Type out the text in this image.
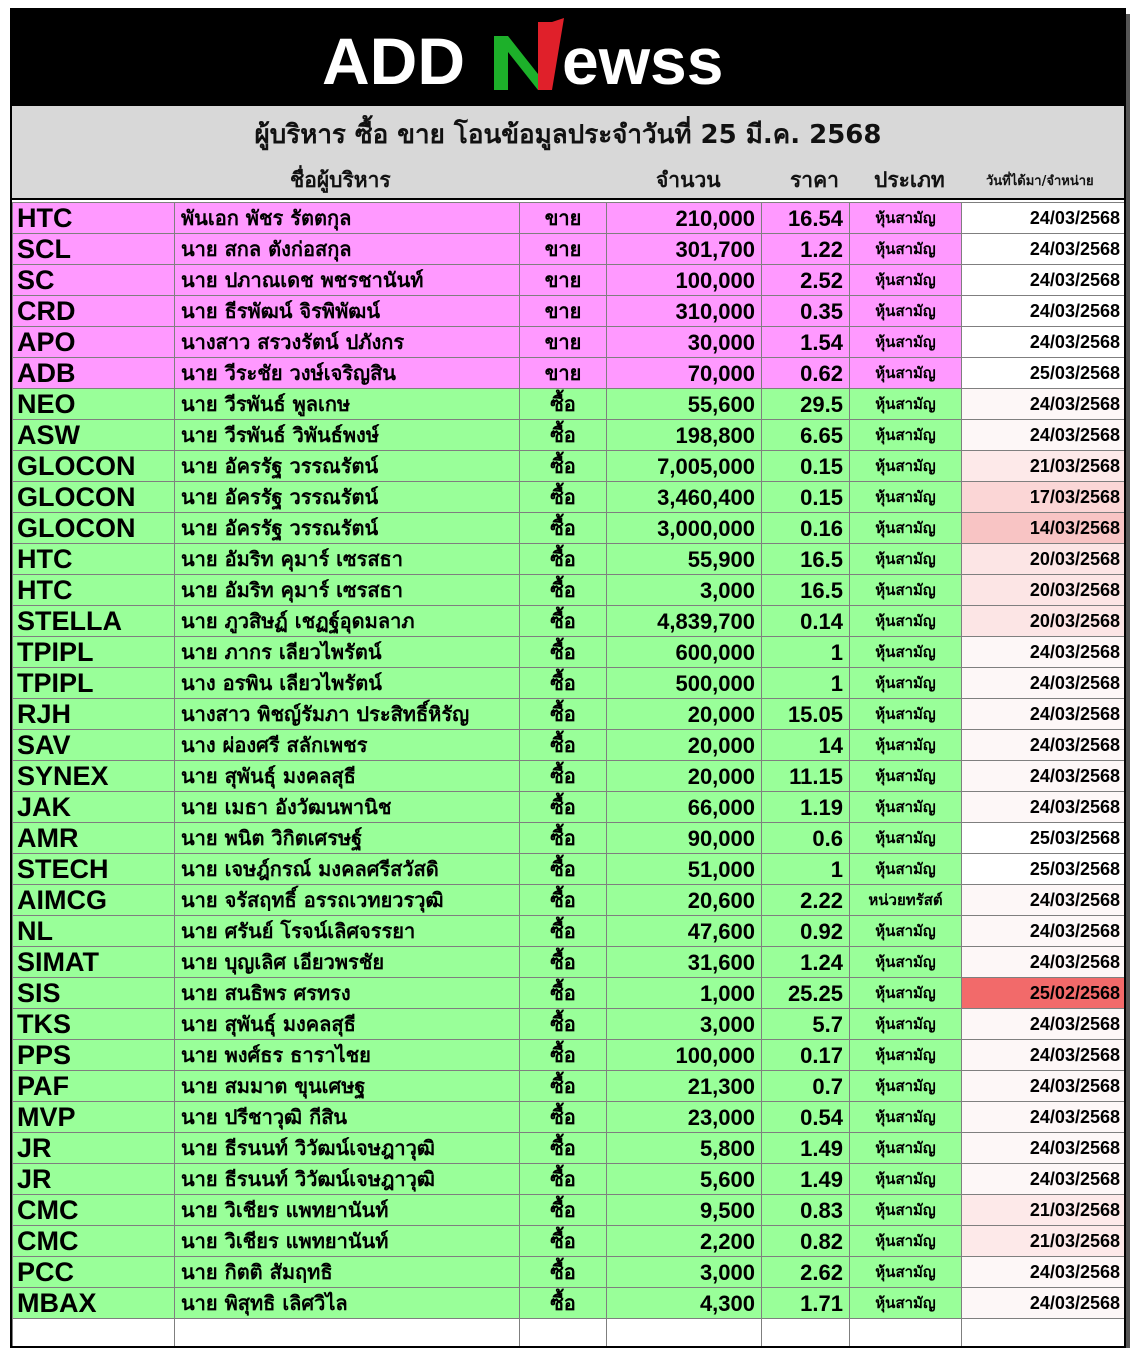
ADD ewss
ผู้บริหาร ซื้อ ขาย โอนข้อมูลประจำวันที่ 25 มี.ค. 2568
ชื่อผู้บริหาร	จำนวน	ราคา ประเภท	วันที่ได้มา/จำหน่าย
HTC	พันเอก พัชร รัตตกุล	ขาย	210,000	16.54	หุ้นสามัญ	24/03/2568
SCL	นาย สกล ตังก่อสกุล	ขาย	301,700	1.22	หุ้นสามัญ	24/03/2568
SC	นาย ปภาณเดช พชรชานันท์	ขาย	100,000	2.52	หุ้นสามัญ	24/03/2568
CRD	นาย ธีรพัฒน์ จิรพิพัฒน์	ขาย	310,000	0.35	หุ้นสามัญ	24/03/2568
APO	นางสาว สรวงรัตน์ ปภังกร	ขาย	30,000	1.54	หุ้นสามัญ	24/03/2568
ADB	นาย วีระชัย วงษ์เจริญสิน	ขาย	70,000	0.62	หุ้นสามัญ	25/03/2568
NEO	นาย วีรพันธ์ พูลเกษ	ซื้อ	55,600	29.5	หุ้นสามัญ	24/03/2568
ASW	นาย วีรพันธ์ วิพันธ์พงษ์	ซื้อ	198,800	6.65	หุ้นสามัญ	24/03/2568
GLOCON	นาย อัครรัฐ วรรณรัตน์	ซื้อ	7,005,000	0.15	หุ้นสามัญ	21/03/2568
GLOCON	นาย อัครรัฐ วรรณรัตน์	ซื้อ	3,460,400	0.15	หุ้นสามัญ	17/03/2568
GLOCON	นาย อัครรัฐ วรรณรัตน์	ซื้อ	3,000,000	0.16	หุ้นสามัญ	14/03/2568
HTC	นาย อัมริท คุมาร์ เซรสธา	ซื้อ	55,900	16.5	หุ้นสามัญ	20/03/2568
HTC	นาย อัมริท คุมาร์ เซรสธา	ซื้อ	3,000	16.5	หุ้นสามัญ	20/03/2568
STELLA	นาย ภูวสิษฏ์ เชฏฐ์อุดมลาภ	ซื้อ	4,839,700	0.14	หุ้นสามัญ	20/03/2568
TPIPL	นาย ภากร เลียวไพรัตน์	ซื้อ	600,000	1	หุ้นสามัญ	24/03/2568
TPIPL	นาง อรพิน เลียวไพรัตน์	ซื้อ	500,000	1	หุ้นสามัญ	24/03/2568
RJH	นางสาว พิชญ์รัมภา ประสิทธิ์หิรัญ	ซื้อ	20,000	15.05	หุ้นสามัญ	24/03/2568
SAV	นาง ผ่องศรี สลักเพชร	ซื้อ	20,000	14	หุ้นสามัญ	24/03/2568
SYNEX	นาย สุพันธุ์ มงคลสุธี	ซื้อ	20,000	11.15	หุ้นสามัญ	24/03/2568
JAK	นาย เมธา อังวัฒนพานิช	ซื้อ	66,000	1.19	หุ้นสามัญ	24/03/2568
AMR	นาย พนิต วิกิตเศรษฐ์	ซื้อ	90,000	0.6	หุ้นสามัญ	25/03/2568
STECH	นาย เจษฎ์กรณ์ มงคลศรีสวัสดิ	ซื้อ	51,000	1	หุ้นสามัญ	25/03/2568
AIMCG	นาย จรัสฤทธิ์ อรรถเวทยวรวุฒิ	ซื้อ	20,600	2.22	หน่วยทรัสต์	24/03/2568
NL	นาย ศรันย์ โรจน์เลิศจรรยา	ซื้อ	47,600	0.92	หุ้นสามัญ	24/03/2568
SIMAT	นาย บุญเลิศ เอียวพรชัย	ซื้อ	31,600	1.24	หุ้นสามัญ	24/03/2568
SIS	นาย สนธิพร ศรทรง	ซื้อ	1,000	25.25	หุ้นสามัญ	25/02/2568
TKS	นาย สุพันธุ์ มงคลสุธี	ซื้อ	3,000	5.7	หุ้นสามัญ	24/03/2568
PPS	นาย พงศ์ธร ธาราไชย	ซื้อ	100,000	0.17	หุ้นสามัญ	24/03/2568
PAF	นาย สมมาต ขุนเศษฐ	ซื้อ	21,300	0.7	หุ้นสามัญ	24/03/2568
MVP	นาย ปรีชาวุฒิ กีสิน	ซื้อ	23,000	0.54	หุ้นสามัญ	24/03/2568
JR	นาย ธีรนนท์ วิวัฒน์เจษฎาวุฒิ	ซื้อ	5,800	1.49	หุ้นสามัญ	24/03/2568
JR	นาย ธีรนนท์ วิวัฒน์เจษฎาวุฒิ	ซื้อ	5,600	1.49	หุ้นสามัญ	24/03/2568
CMC	นาย วิเชียร แพทยานันท์	ซื้อ	9,500	0.83	หุ้นสามัญ	21/03/2568
CMC	นาย วิเชียร แพทยานันท์	ซื้อ	2,200	0.82	หุ้นสามัญ	21/03/2568
PCC	นาย กิตติ สัมฤทธิ	ซื้อ	3,000	2.62	หุ้นสามัญ	24/03/2568
MBAX	นาย พิสุทธิ เลิศวิไล	ซื้อ	4,300	1.71	หุ้นสามัญ	24/03/2568
